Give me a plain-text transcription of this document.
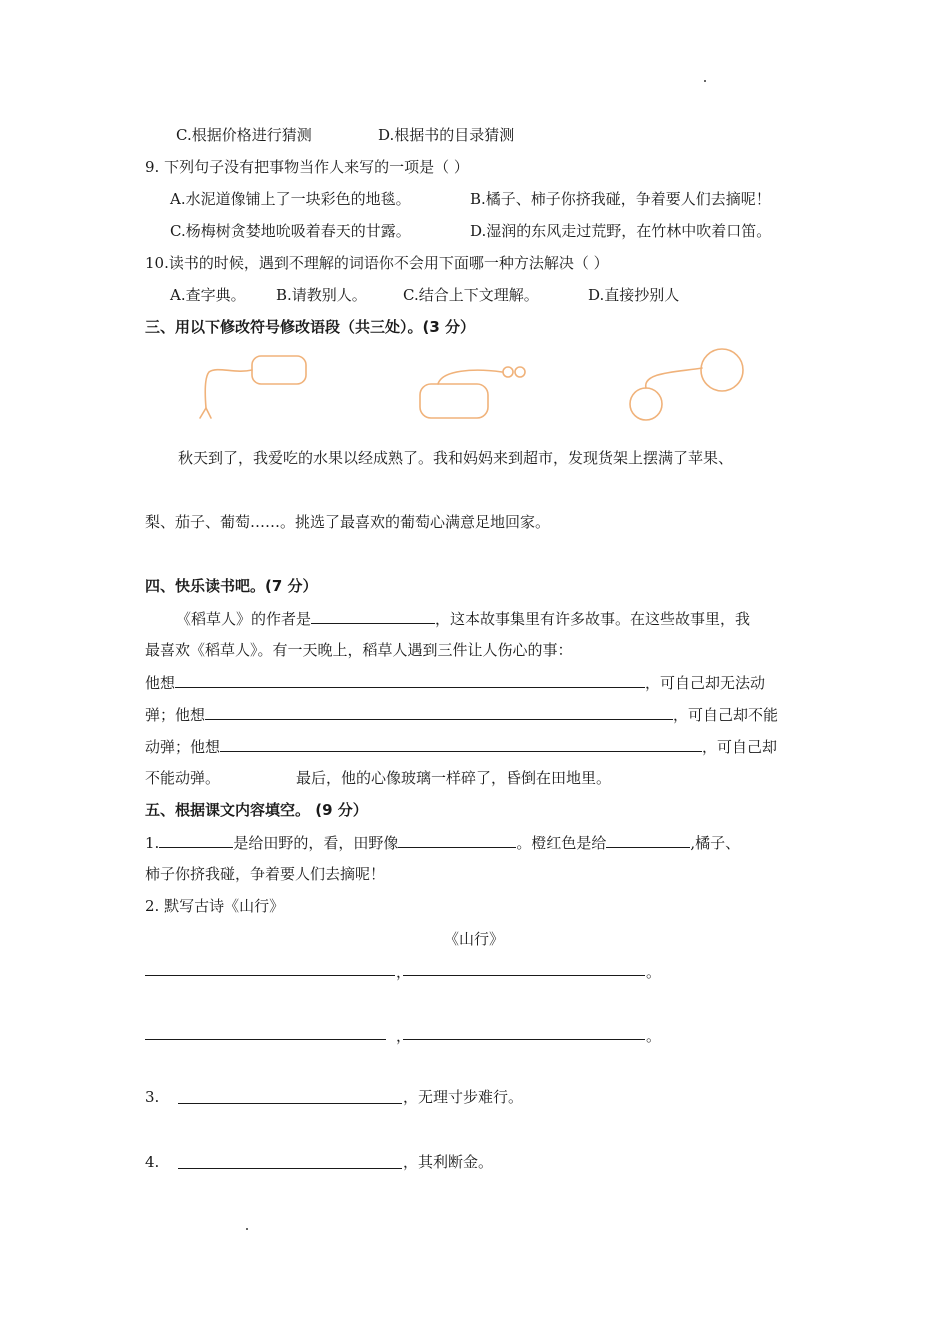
C.根据价格进行猜测	D.根据书的目录猜测
9. 下列句子没有把事物当作人来写的一项是（ ）
A.水泥道像铺上了一块彩色的地毯。	B.橘子、柿子你挤我碰，争着要人们去摘呢！
C.杨梅树贪婪地吮吸着春天的甘露。	D.湿润的东风走过荒野，在竹林中吹着口笛。
10.读书的时候，遇到不理解的词语你不会用下面哪一种方法解决（ ）
A.查字典。 B.请教别人。 C.结合上下文理解。	D.直接抄别人
三、用以下修改符号修改语段（共三处）。(3 分）
秋天到了，我爱吃的水果以经成熟了。我和妈妈来到超市，发现货架上摆满了苹果、
梨、茄子、葡萄……。挑选了最喜欢的葡萄心满意足地回家。
四、快乐读书吧。(7 分）
《稻草人》的作者是	，这本故事集里有许多故事。在这些故事里，我
最喜欢《稻草人》。有一天晚上，稻草人遇到三件让人伤心的事：
他想	，可自己却无法动
弹；他想	，可自己却不能
动弹；他想	，可自己却
不能动弹。	最后，他的心像玻璃一样碎了，昏倒在田地里。
五、根据课文内容填空。 (9 分）
1.	是给田野的，看，田野像	。橙红色是给	,橘子、
柿子你挤我碰，争着要人们去摘呢！
2. 默写古诗《山行》
《山行》
，	。
，	。
3.	，无理寸步难行。
4.	，其利断金。
